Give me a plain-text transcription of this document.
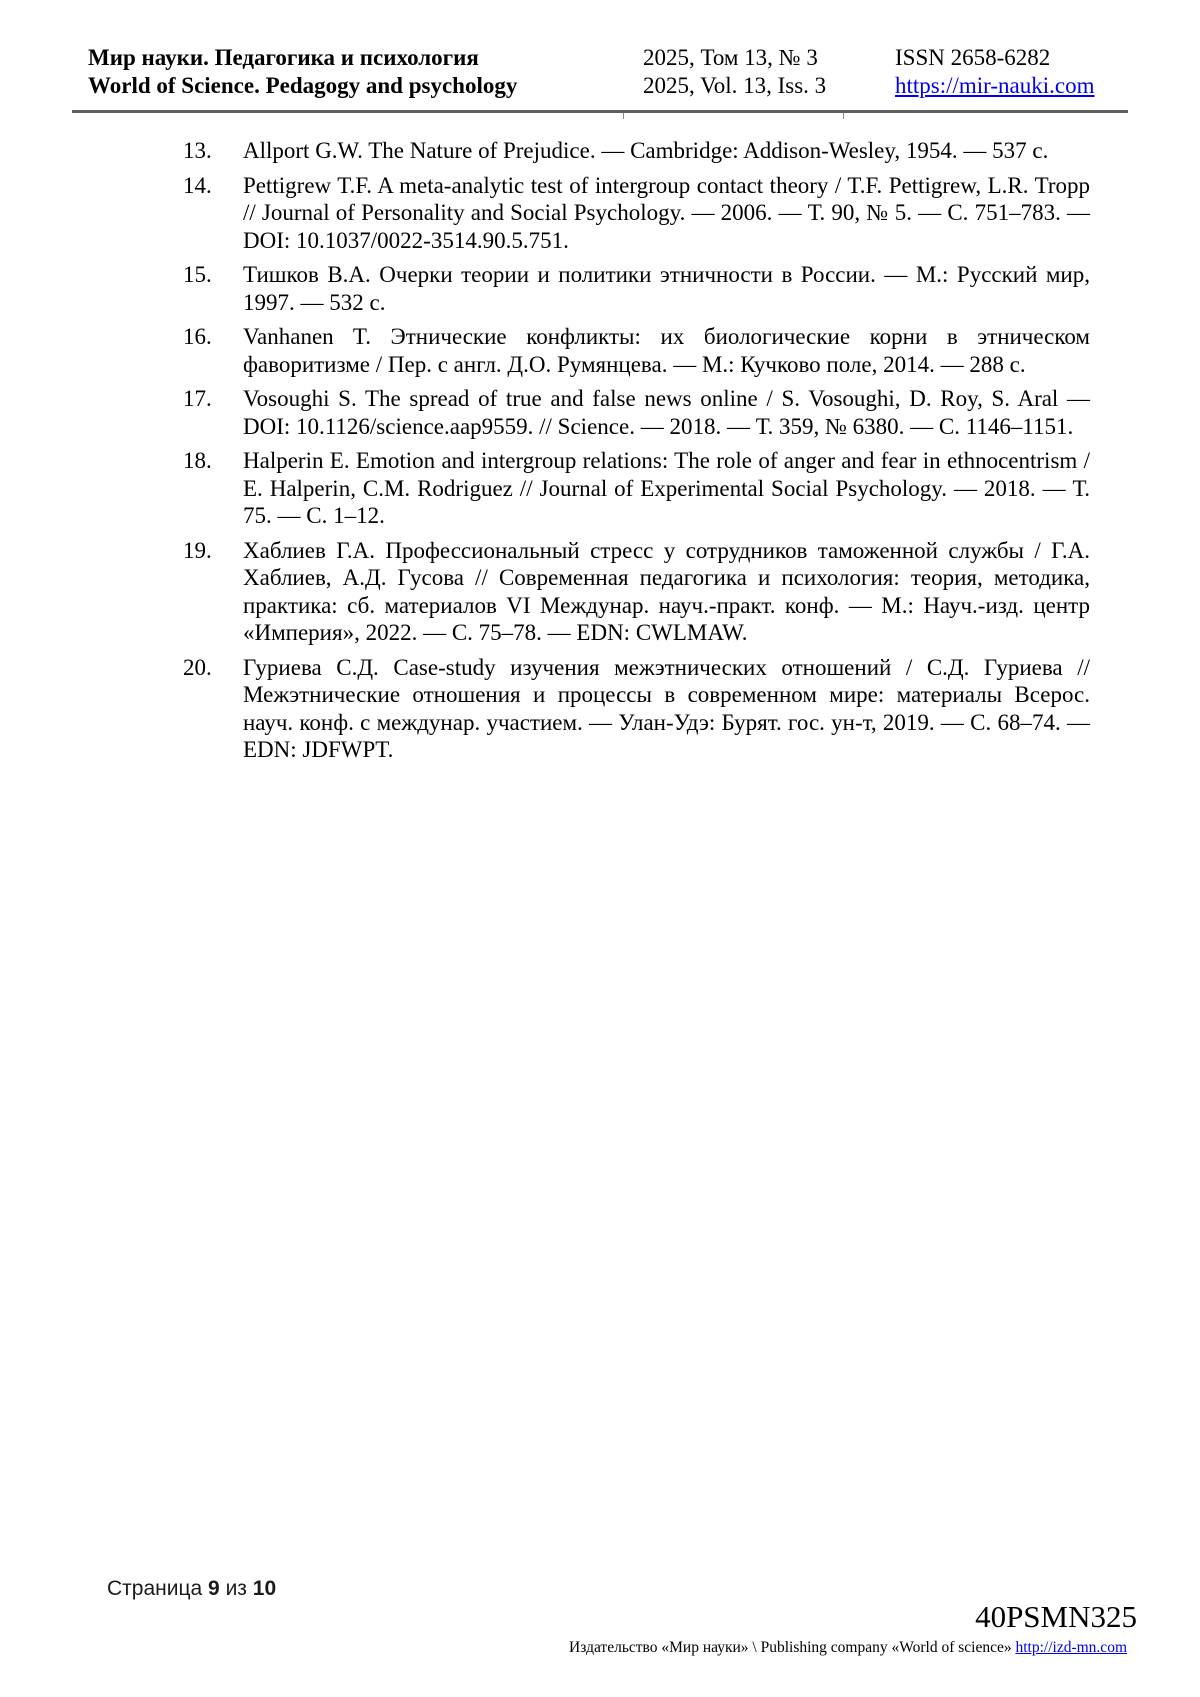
Мир науки. Педагогика и психология
World of Science. Pedagogy and psychology
2025, Том 13, № 3
2025, Vol. 13, Iss. 3
ISSN 2658-6282
https://mir-nauki.com
13. Allport G.W. The Nature of Prejudice. — Cambridge: Addison-Wesley, 1954. — 537 с.
14. Pettigrew T.F. A meta-analytic test of intergroup contact theory / T.F. Pettigrew, L.R. Tropp // Journal of Personality and Social Psychology. — 2006. — Т. 90, № 5. — С. 751–783. — DOI: 10.1037/0022-3514.90.5.751.
15. Тишков В.А. Очерки теории и политики этничности в России. — М.: Русский мир, 1997. — 532 с.
16. Vanhanen T. Этнические конфликты: их биологические корни в этническом фаворитизме / Пер. с англ. Д.О. Румянцева. — М.: Кучково поле, 2014. — 288 с.
17. Vosoughi S. The spread of true and false news online / S. Vosoughi, D. Roy, S. Aral — DOI: 10.1126/science.aap9559. // Science. — 2018. — Т. 359, № 6380. — С. 1146–1151.
18. Halperin E. Emotion and intergroup relations: The role of anger and fear in ethnocentrism / E. Halperin, C.M. Rodriguez // Journal of Experimental Social Psychology. — 2018. — Т. 75. — С. 1–12.
19. Хаблиев Г.А. Профессиональный стресс у сотрудников таможенной службы / Г.А. Хаблиев, А.Д. Гусова // Современная педагогика и психология: теория, методика, практика: сб. материалов VI Междунар. науч.-практ. конф. — М.: Науч.-изд. центр «Империя», 2022. — С. 75–78. — EDN: CWLMAW.
20. Гуриева С.Д. Case-study изучения межэтнических отношений / С.Д. Гуриева // Межэтнические отношения и процессы в современном мире: материалы Всерос. науч. конф. с междунар. участием. — Улан-Удэ: Бурят. гос. ун-т, 2019. — С. 68–74. — EDN: JDFWPT.
Страница 9 из 10
40PSMN325
Издательство «Мир науки» \ Publishing company «World of science» http://izd-mn.com
